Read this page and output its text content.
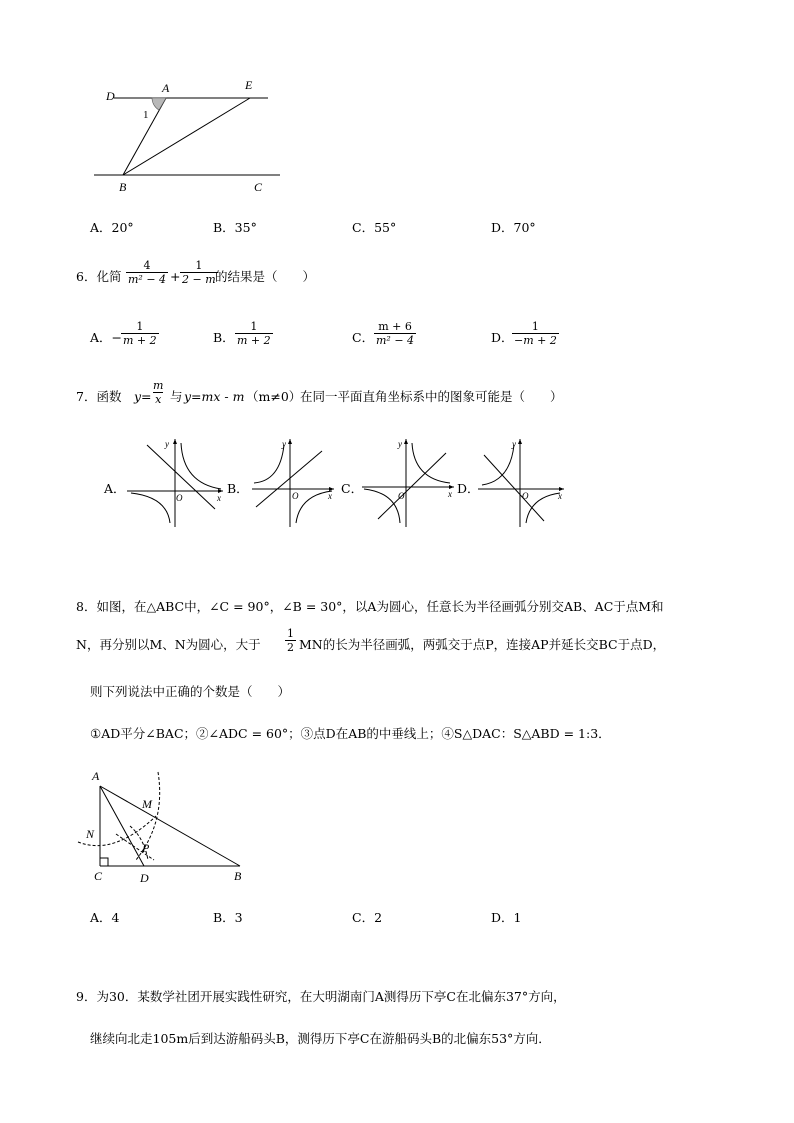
D
A	E
1
B	C
A．20°	B．35°	C．55°	D．70°
6．化简 $\frac{4}{\text{m² − 4}} + \frac{1}{2 - m}$
的结果是（　　）
A．−
$\frac{1}{m + 2}$	B． $\frac{1}{m + 2}$	C． $\frac{m + 6}{\text{m² − 4}}$	D．
$\frac{1}{-m + 2}$
7．函数 $y= \frac{m}{x}$ 与 y=mx - m （m≠0）
在同一平面直角坐标系中的图象可能是（　　）
A．	B．	C．	D．
y
x
O
y
x
O
y
x
O
y
x
O
8．如图，在△ABC中，∠C = 90°，∠B = 30°，以A为圆心，任意长为半径画弧分别交AB、AC于点M和
N，再分别以M、N为圆心，大于 $\frac{1}{2}$ MN的长为半径画弧，两弧交于点P，连接AP并延长交BC于点D，
则下列说法中正确的个数是（　　）
①AD平分∠BAC；②∠ADC = 60°；③点D在AB的中垂线上；④S△DAC：S△ABD = 1:3．
A
M
N
P
C	D	B
A．4	B．3	C．2	D．1
9．为30．某数学社团开展实践性研究，在大明湖南门A测得历下亭C在北偏东37°方向，
继续向北走105m后到达游船码头B，测得历下亭C在游船码头B的北偏东53°方向．
